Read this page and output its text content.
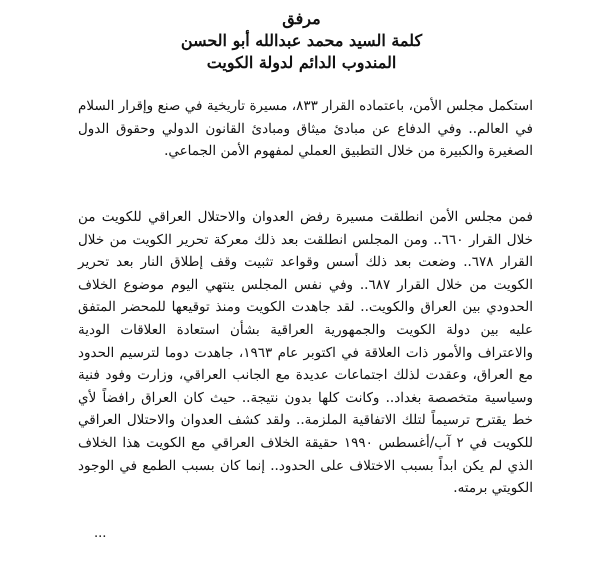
مرفق
كلمة السيد محمد عبدالله أبو الحسن
المندوب الدائم لدولة الكويت
استكمل مجلس الأمن، باعتماده القرار ٨٣٣، مسيرة تاريخية في صنع وإقرار السلام في العالم.. وفي الدفاع عن مبادئ ميثاق ومبادئ القانون الدولي وحقوق الدول الصغيرة والكبيرة من خلال التطبيق العملي لمفهوم الأمن الجماعي.
فمن مجلس الأمن انطلقت مسيرة رفض العدوان والاحتلال العراقي للكويت من خلال القرار ٦٦٠.. ومن المجلس انطلقت بعد ذلك معركة تحرير الكويت من خلال القرار ٦٧٨.. وضعت بعد ذلك أسس وقواعد تثبيت وقف إطلاق النار بعد تحرير الكويت من خلال القرار ٦٨٧.. وفي نفس المجلس ينتهي اليوم موضوع الخلاف الحدودي بين العراق والكويت.. لقد جاهدت الكويت ومنذ توقيعها للمحضر المتفق عليه بين دولة الكويت والجمهورية العراقية بشأن استعادة العلاقات الودية والاعتراف والأمور ذات العلاقة في اكتوبر عام ١٩٦٣، جاهدت دوما لترسيم الحدود مع العراق، وعقدت لذلك اجتماعات عديدة مع الجانب العراقي، وزارت وفود فنية وسياسية متخصصة بغداد.. وكانت كلها بدون نتيجة.. حيث كان العراق رافضاً لأي خط يقترح ترسيماً لتلك الاتفاقية الملزمة.. ولقد كشف العدوان والاحتلال العراقي للكويت في ٢ آب/أغسطس ١٩٩٠ حقيقة الخلاف العراقي مع الكويت هذا الخلاف الذي لم يكن ابداً بسبب الاختلاف على الحدود.. إنما كان بسبب الطمع في الوجود الكويتي برمته.
...
